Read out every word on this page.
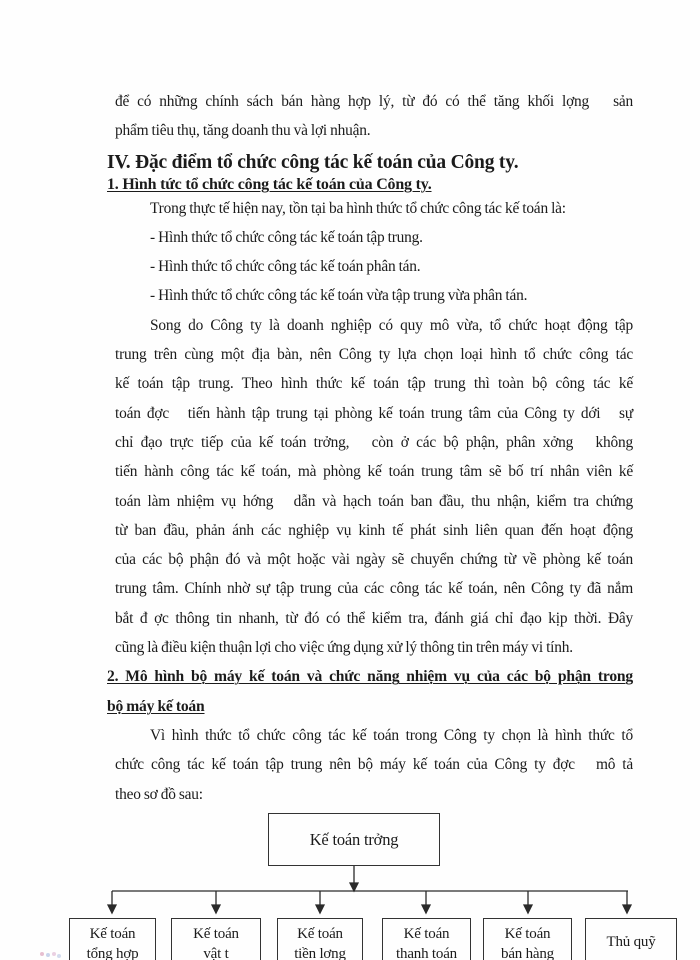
để có những chính sách bán hàng hợp lý, từ đó có thể tăng khối lợng   sản
phẩm tiêu thụ, tăng doanh thu và lợi nhuận.
IV. Đặc điểm tổ chức công tác kế toán của Công ty.
1. Hình tức tổ chức công tác kế toán của Công ty.
Trong thực tế hiện nay, tồn tại ba hình thức tổ chức công tác kế toán là:
- Hình thức tổ chức công tác kế toán tập trung.
- Hình thức tổ chức công tác kế toán phân tán.
- Hình thức tổ chức công tác kế toán vừa tập trung vừa phân tán.
Song do Công ty là doanh nghiệp có quy mô vừa, tổ chức hoạt động tập
trung trên cùng một địa bàn, nên Công ty lựa chọn loại hình tổ chức công tác
kế toán tập trung. Theo hình thức kế toán tập trung thì toàn bộ công tác kế
toán đợc   tiến hành tập trung tại phòng kế toán trung tâm của Công ty dới   sự
chỉ đạo trực tiếp của kế toán trởng,   còn ở các bộ phận, phân xởng   không
tiến hành công tác kế toán, mà phòng kế toán trung tâm sẽ bố trí nhân viên kế
toán làm nhiệm vụ hớng   dẫn và hạch toán ban đầu, thu nhận, kiểm tra chứng
từ ban đầu, phản ánh các nghiệp vụ kinh tế phát sinh liên quan đến hoạt động
của các bộ phận đó và một hoặc vài ngày sẽ chuyển chứng từ về phòng kế toán
trung tâm. Chính nhờ sự tập trung của các công tác kế toán, nên Công ty đã nắm
bắt đ ợc thông tin nhanh, từ đó có thể kiểm tra, đánh giá chỉ đạo kịp thời. Đây
cũng là điều kiện thuận lợi cho việc ứng dụng xử lý thông tin trên máy vi tính.
2. Mô hình bộ máy kế toán và chức năng nhiệm vụ của các bộ phận trong
bộ máy kế toán
Vì hình thức tổ chức công tác kế toán trong Công ty chọn là hình thức tổ
chức công tác kế toán tập trung nên bộ máy kế toán của Công ty đợc   mô tả
theo sơ đồ sau:
Kế toán trởng
Kế toán
tổng hợp
Kế toán
vật t
Kế toán
tiền lơng
Kế toán
thanh toán
Kế toán
bán hàng
Thủ quỹ
